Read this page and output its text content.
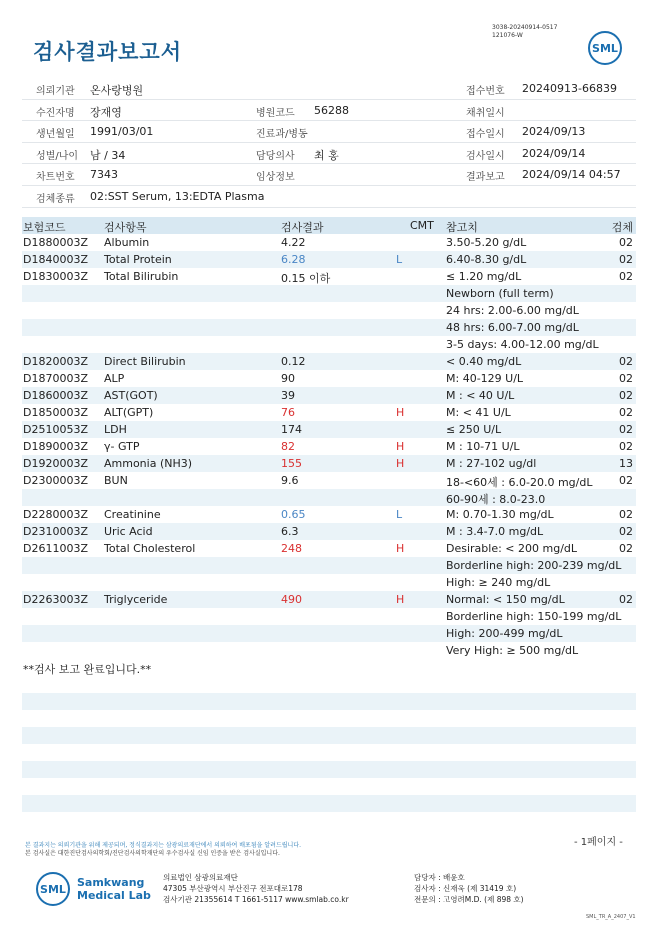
검사결과보고서
3038-20240914-0517
121076-W
SML
의뢰기관 온사랑병원	접수번호 20240913-66839
수진자명 장재영	병원코드 56288	채취일시
생년월일 1991/03/01	진료과/병동	접수일시 2024/09/13
성별/나이 남 / 34	담당의사 최 홍	검사일시 2024/09/14
차트번호 7343	임상정보	결과보고 2024/09/14 04:57
검체종류 02:SST Serum, 13:EDTA Plasma
보험코드	검사항목	검사결과	CMT 참고치	검체
D1880003Z Albumin	4.22	3.50-5.20 g/dL	02
D1840003Z Total Protein	6.28	L	6.40-8.30 g/dL	02
D1830003Z Total Bilirubin	0.15 이하	≤ 1.20 mg/dL	02
Newborn (full term)
24 hrs: 2.00-6.00 mg/dL
48 hrs: 6.00-7.00 mg/dL
3-5 days: 4.00-12.00 mg/dL
D1820003Z Direct Bilirubin	0.12	< 0.40 mg/dL	02
D1870003Z ALP	90	M: 40-129 U/L	02
D1860003Z AST(GOT)	39	M : < 40 U/L	02
D1850003Z ALT(GPT)	76	H	M: < 41 U/L	02
D2510053Z LDH	174	≤ 250 U/L	02
D1890003Z γ- GTP	82	H	M : 10-71 U/L	02
D1920003Z Ammonia (NH3)	155	H	M : 27-102 ug/dl	13
D2300003Z BUN	9.6	18-<60세 : 6.0-20.0 mg/dL 02
60-90세 : 8.0-23.0
D2280003Z Creatinine	0.65	L	M: 0.70-1.30 mg/dL	02
D2310003Z Uric Acid	6.3	M : 3.4-7.0 mg/dL	02
D2611003Z Total Cholesterol	248	H	Desirable: < 200 mg/dL	02
Borderline high: 200-239 mg/dL
High: ≥ 240 mg/dL
D2263003Z Triglyceride	490	H	Normal: < 150 mg/dL	02
Borderline high: 150-199 mg/dL
High: 200-499 mg/dL
Very High: ≥ 500 mg/dL
**검사 보고 완료입니다.**
- 1페이지 -
본 결과지는 의뢰기관을 위해 제공되며, 정식결과지는 삼광의료재단에서 의뢰하여 배포됨을 알려드립니다.
본 검사실은 대한진단검사의학회/진단검사의학재단의 우수검사실 신임 인증을 받은 검사실입니다.
SML	Samkwang
Medical Lab
의료법인 삼광의료재단
47305 부산광역시 부산진구 전포대로178
검사기관 21355614 T 1661-5117 www.smlab.co.kr
담당자 : 배윤호
검사자 : 신재욱 (제 31419 호)
전문의 : 고영려M.D. (제 898 호)
SML_TR_A_2407_V1
